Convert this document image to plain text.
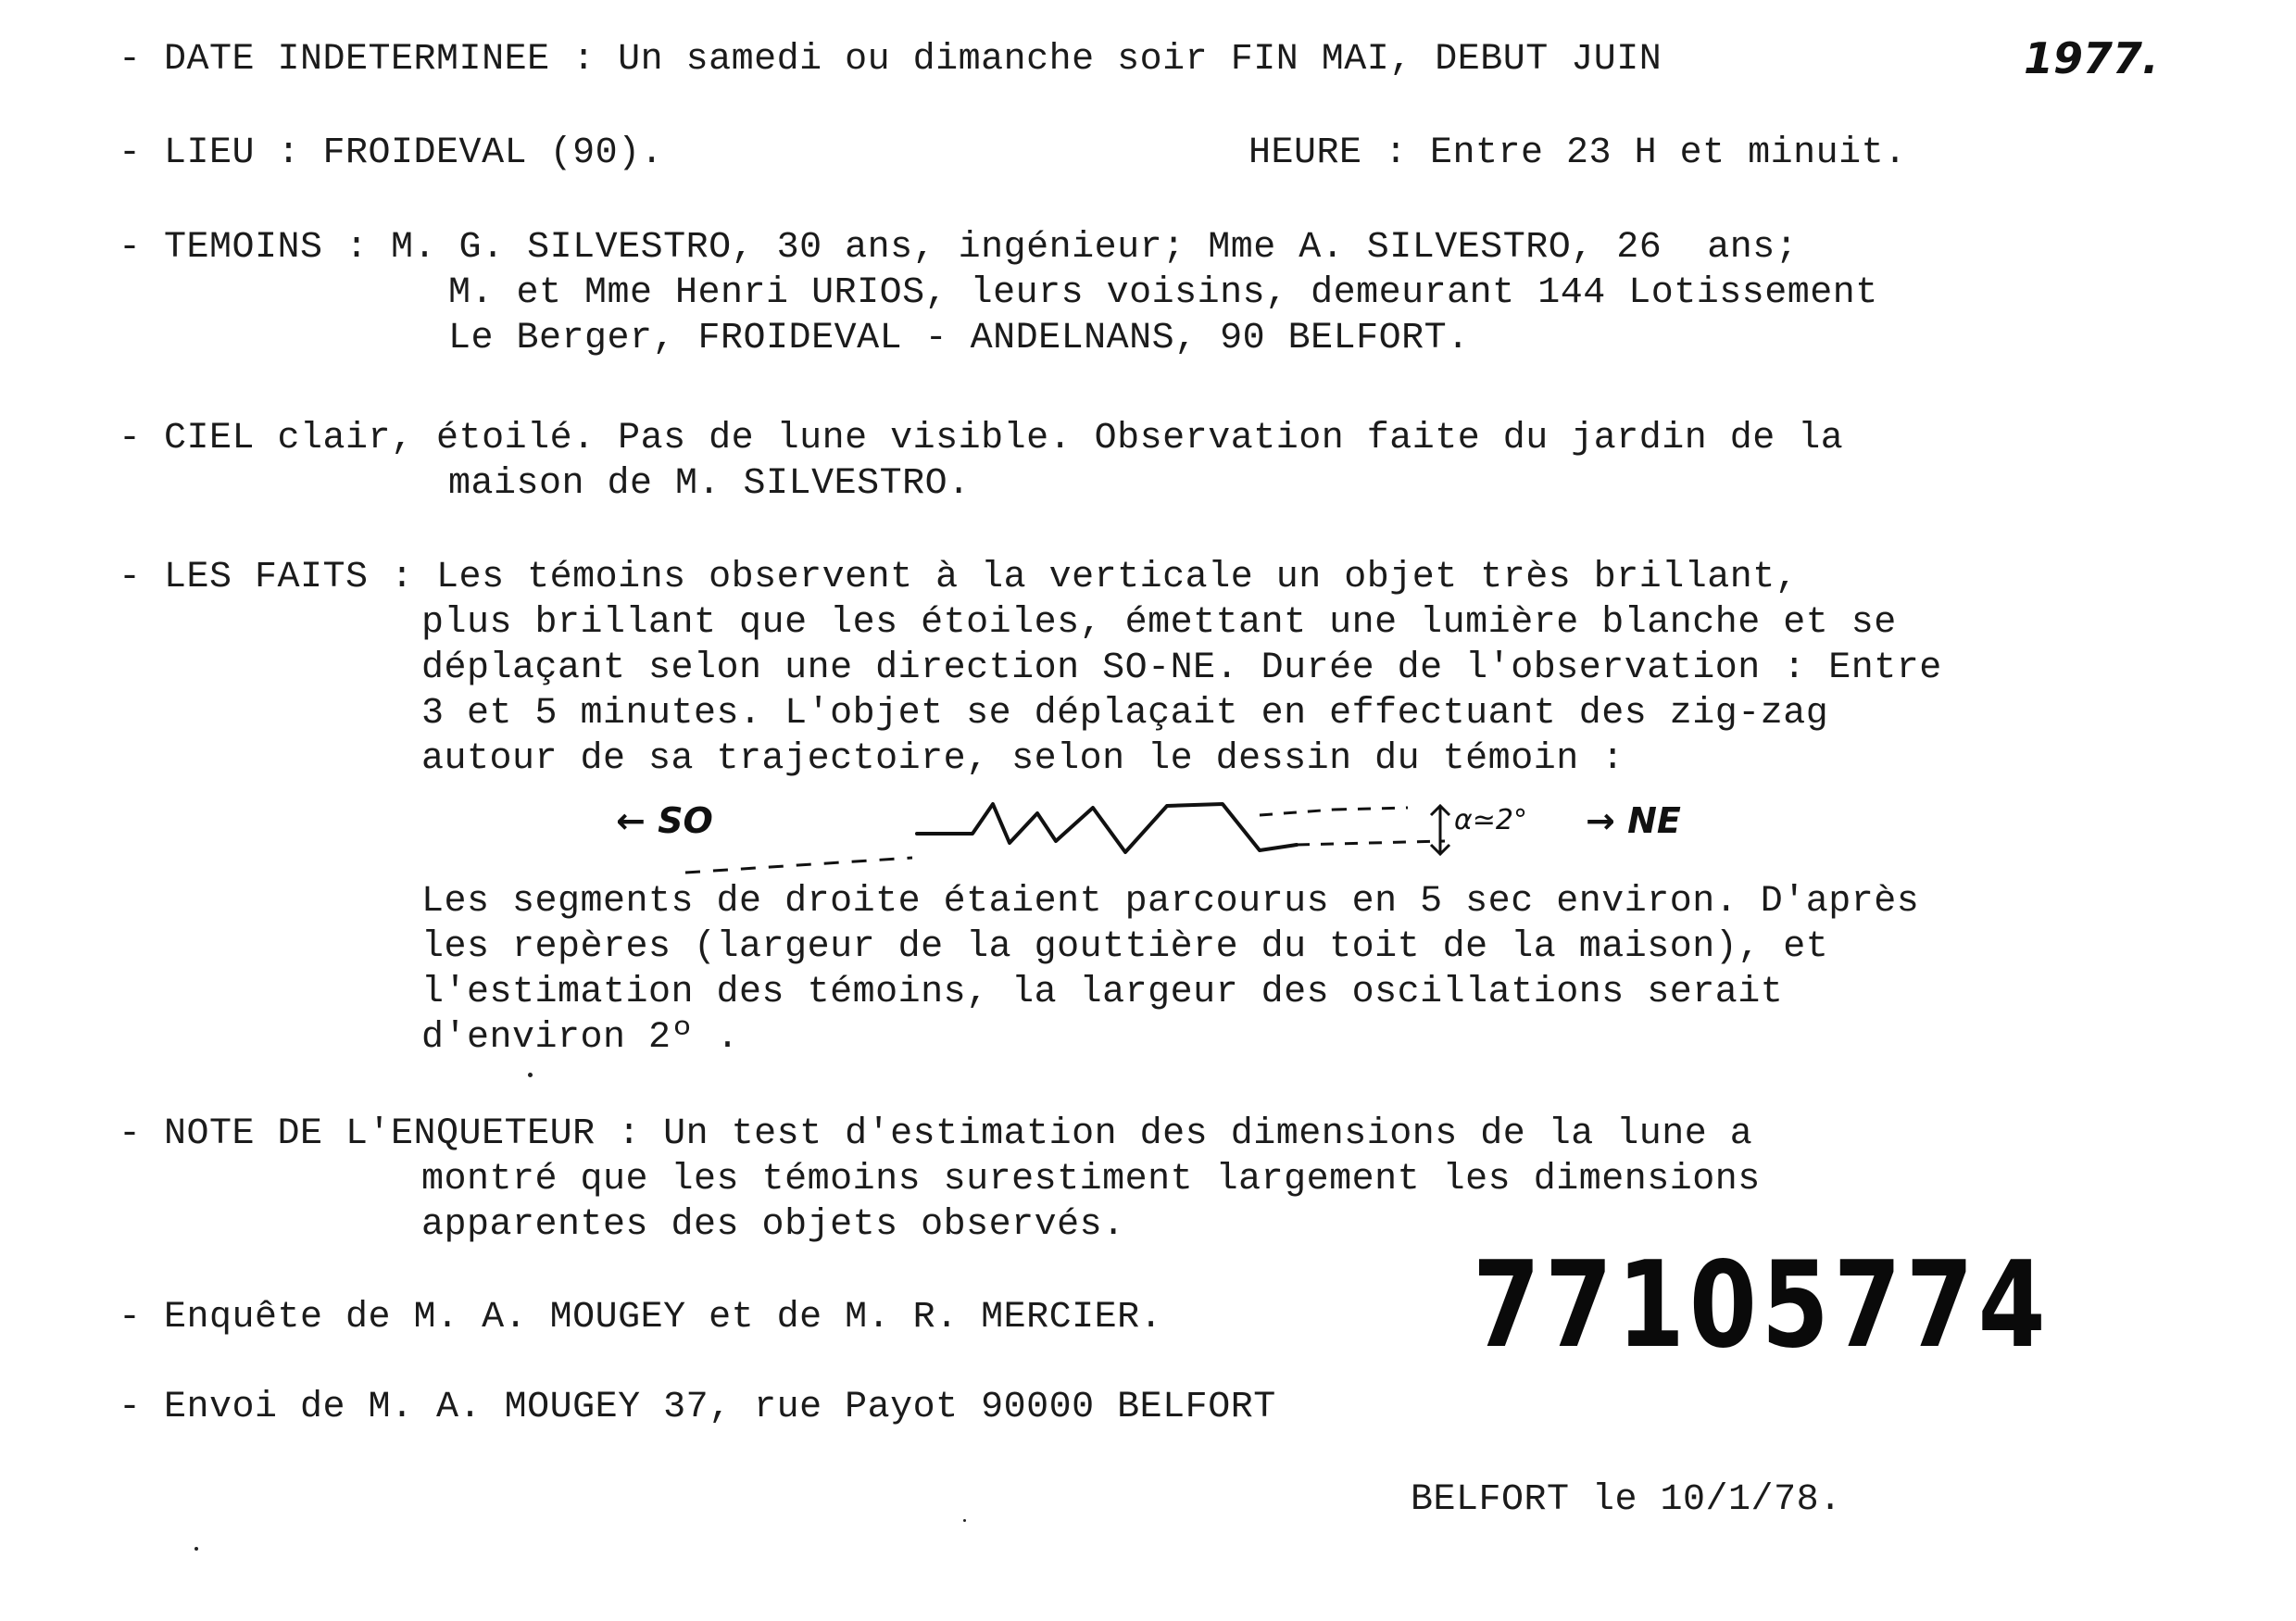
- DATE INDETERMINEE : Un samedi ou dimanche soir FIN MAI, DEBUT JUIN	1977.
- LIEU : FROIDEVAL (90).	HEURE : Entre 23 H et minuit.
- TEMOINS : M. G. SILVESTRO, 30 ans, ingénieur; Mme A. SILVESTRO, 26  ans;
M. et Mme Henri URIOS, leurs voisins, demeurant 144 Lotissement
Le Berger, FROIDEVAL - ANDELNANS, 90 BELFORT.
- CIEL clair, étoilé. Pas de lune visible. Observation faite du jardin de la
maison de M. SILVESTRO.
- LES FAITS : Les témoins observent à la verticale un objet très brillant,
plus brillant que les étoiles, émettant une lumière blanche et se
déplaçant selon une direction SO-NE. Durée de l'observation : Entre
3 et 5 minutes. L'objet se déplaçait en effectuant des zig-zag
autour de sa trajectoire, selon le dessin du témoin :
← SO	α≃2° → NE
Les segments de droite étaient parcourus en 5 sec environ. D'après
les repères (largeur de la gouttière du toit de la maison), et
l'estimation des témoins, la largeur des oscillations serait
d'environ 2º .
- NOTE DE L'ENQUETEUR : Un test d'estimation des dimensions de la lune a
montré que les témoins surestiment largement les dimensions
apparentes des objets observés.
- Enquête de M. A. MOUGEY et de M. R. MERCIER.	77105774
- Envoi de M. A. MOUGEY 37, rue Payot 90000 BELFORT
BELFORT le 10/1/78.
